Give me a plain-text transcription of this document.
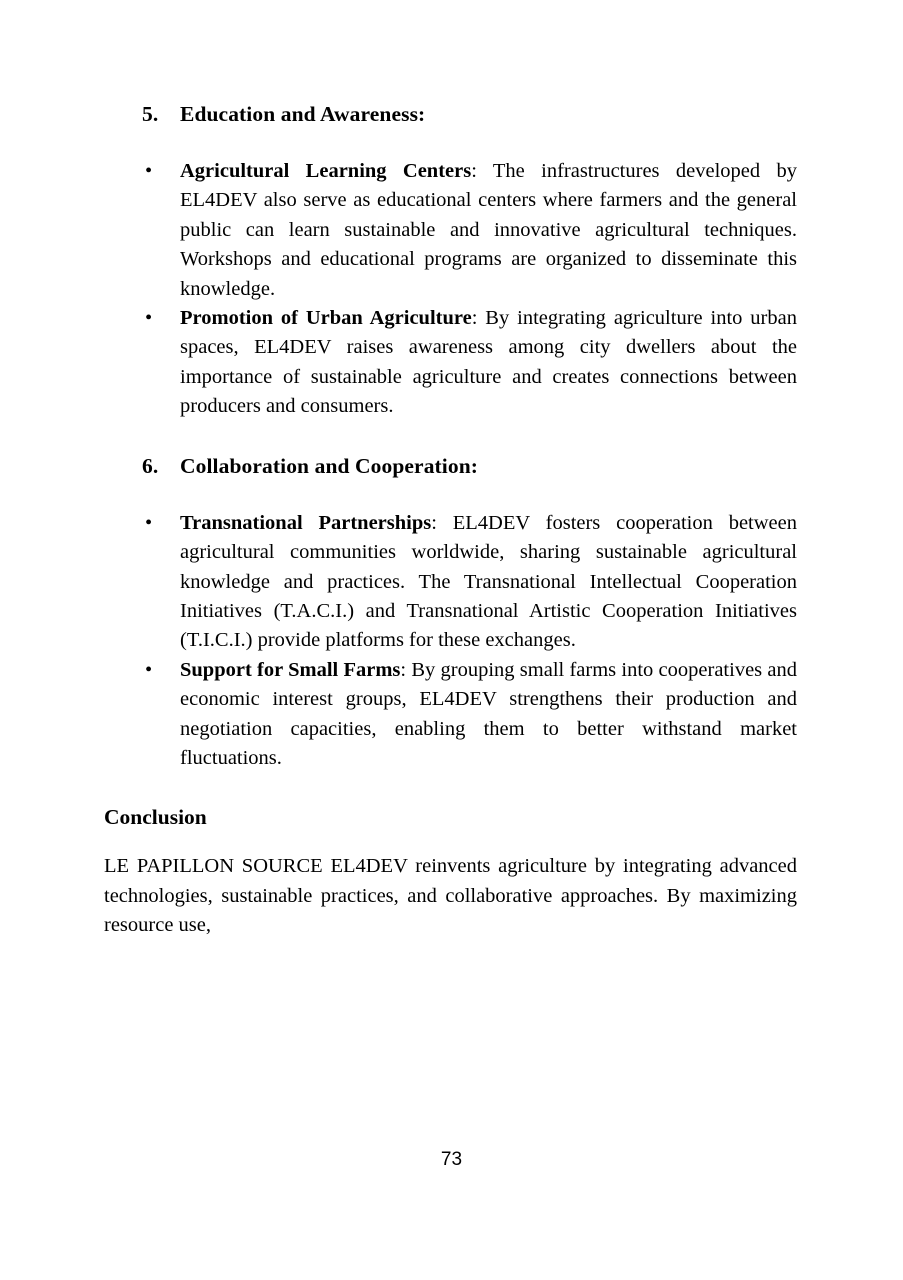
5.	Education and Awareness:
• Agricultural Learning Centers: The infrastructures developed by EL4DEV also serve as educational centers where farmers and the general public can learn sustainable and innovative agricultural techniques. Workshops and educational programs are organized to disseminate this knowledge.
• Promotion of Urban Agriculture: By integrating agriculture into urban spaces, EL4DEV raises awareness among city dwellers about the importance of sustainable agriculture and creates connections between producers and consumers.
6.	Collaboration and Cooperation:
• Transnational Partnerships: EL4DEV fosters cooperation between agricultural communities worldwide, sharing sustainable agricultural knowledge and practices. The Transnational Intellectual Cooperation Initiatives (T.A.C.I.) and Transnational Artistic Cooperation Initiatives (T.I.C.I.) provide platforms for these exchanges.
• Support for Small Farms: By grouping small farms into cooperatives and economic interest groups, EL4DEV strengthens their production and negotiation capacities, enabling them to better withstand market fluctuations.
Conclusion

LE PAPILLON SOURCE EL4DEV reinvents agriculture by integrating advanced technologies, sustainable practices, and collaborative approaches. By maximizing resource use,

73
